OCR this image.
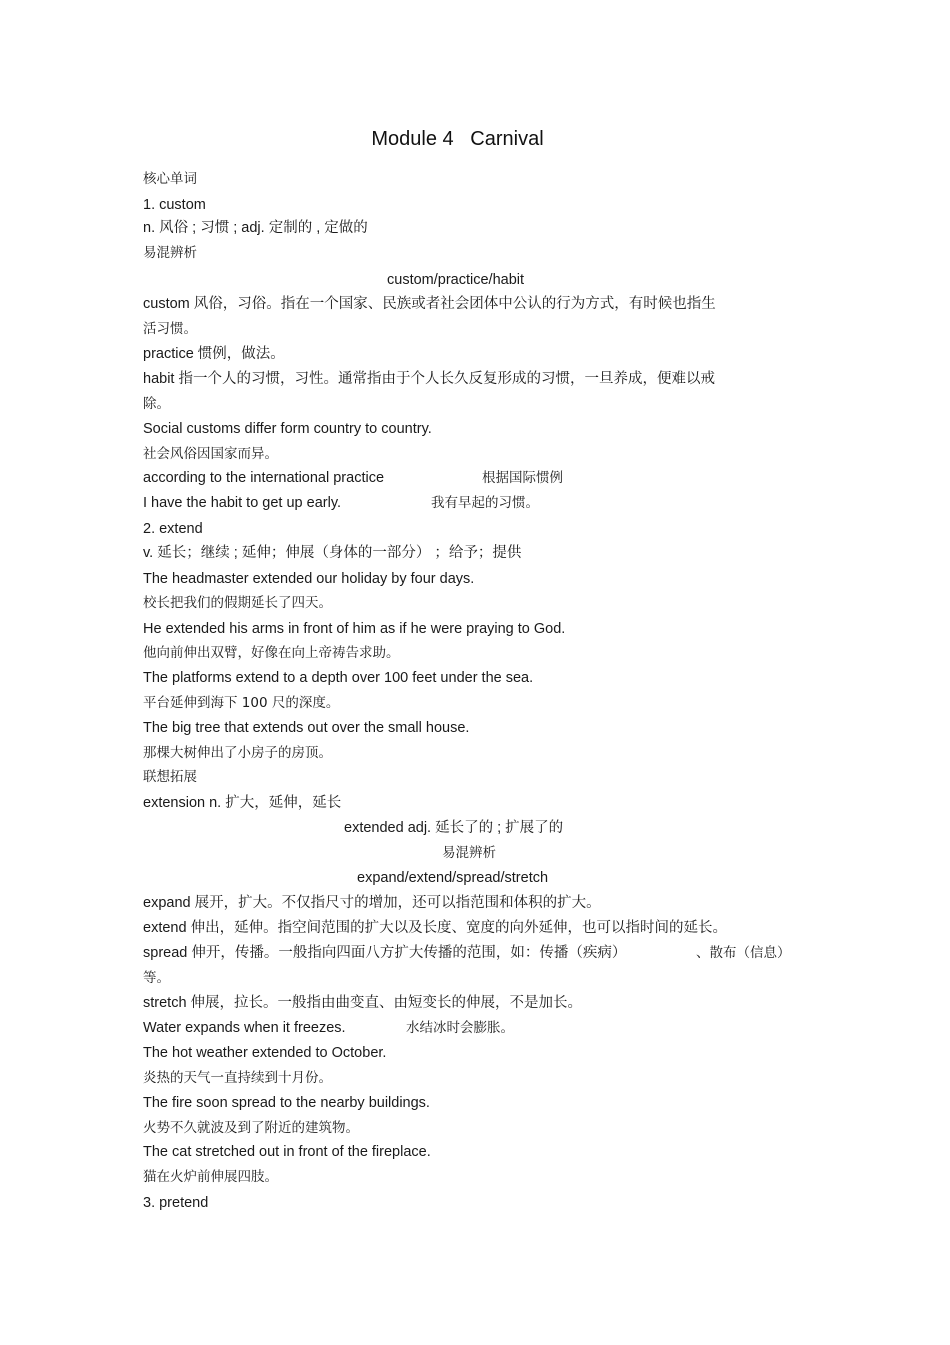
Module 4   Carnival
核心单词
1. custom
n. 风俗 ; 习惯 ; adj. 定制的 , 定做的
易混辨析
custom/practice/habit
custom 风俗，习俗。指在一个国家、民族或者社会团体中公认的行为方式，有时候也指生
活习惯。
practice 惯例，做法。
habit 指一个人的习惯，习性。通常指由于个人长久反复形成的习惯，一旦养成，便难以戒
除。
Social customs differ form country to country.
社会风俗因国家而异。
according to the international practice	根据国际惯例
I have the habit to get up early.	我有早起的习惯。
2. extend
v. 延长；继续 ; 延伸；伸展（身体的一部分） ；给予；提供
The headmaster extended our holiday by four days.
校长把我们的假期延长了四天。
He extended his arms in front of him as if he were praying to God.
他向前伸出双臂，好像在向上帝祷告求助。
The platforms extend to a depth over 100 feet under the sea.
平台延伸到海下 100 尺的深度。
The big tree that extends out over the small house.
那棵大树伸出了小房子的房顶。
联想拓展
extension n. 扩大，延伸，延长
extended adj. 延长了的 ; 扩展了的
易混辨析
expand/extend/spread/stretch
expand 展开，扩大。不仅指尺寸的增加，还可以指范围和体积的扩大。
extend 伸出，延伸。指空间范围的扩大以及长度、宽度的向外延伸，也可以指时间的延长。
spread 伸开，传播。一般指向四面八方扩大传播的范围，如：传播（疾病）	、散布（信息）
等。
stretch 伸展，拉长。一般指由曲变直、由短变长的伸展，不是加长。
Water expands when it freezes.	水结冰时会膨胀。
The hot weather extended to October.
炎热的天气一直持续到十月份。
The fire soon spread to the nearby buildings.
火势不久就波及到了附近的建筑物。
The cat stretched out in front of the fireplace.
猫在火炉前伸展四肢。
3. pretend
